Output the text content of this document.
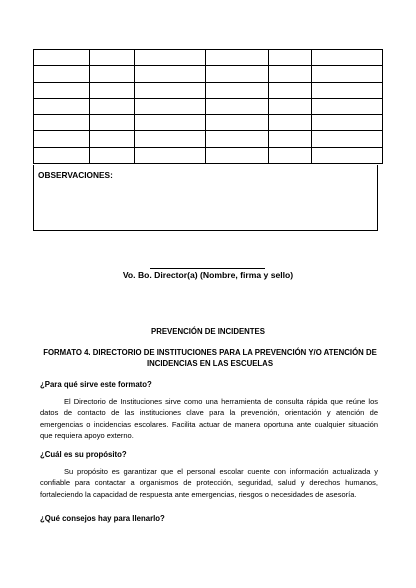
OBSERVACIONES:
Vo. Bo. Director(a) (Nombre, firma y sello)
PREVENCIÓN DE INCIDENTES
FORMATO 4. DIRECTORIO DE INSTITUCIONES PARA LA PREVENCIÓN Y/O ATENCIÓN DE INCIDENCIAS EN LAS ESCUELAS
¿Para qué sirve este formato?

El Directorio de Instituciones sirve como una herramienta de consulta rápida que reúne los datos de contacto de las instituciones clave para la prevención, orientación y atención de emergencias o incidencias escolares. Facilita actuar de manera oportuna ante cualquier situación que requiera apoyo externo.

¿Cuál es su propósito?

Su propósito es garantizar que el personal escolar cuente con información actualizada y confiable para contactar a organismos de protección, seguridad, salud y derechos humanos, fortaleciendo la capacidad de respuesta ante emergencias, riesgos o necesidades de asesoría.

¿Qué consejos hay para llenarlo?
